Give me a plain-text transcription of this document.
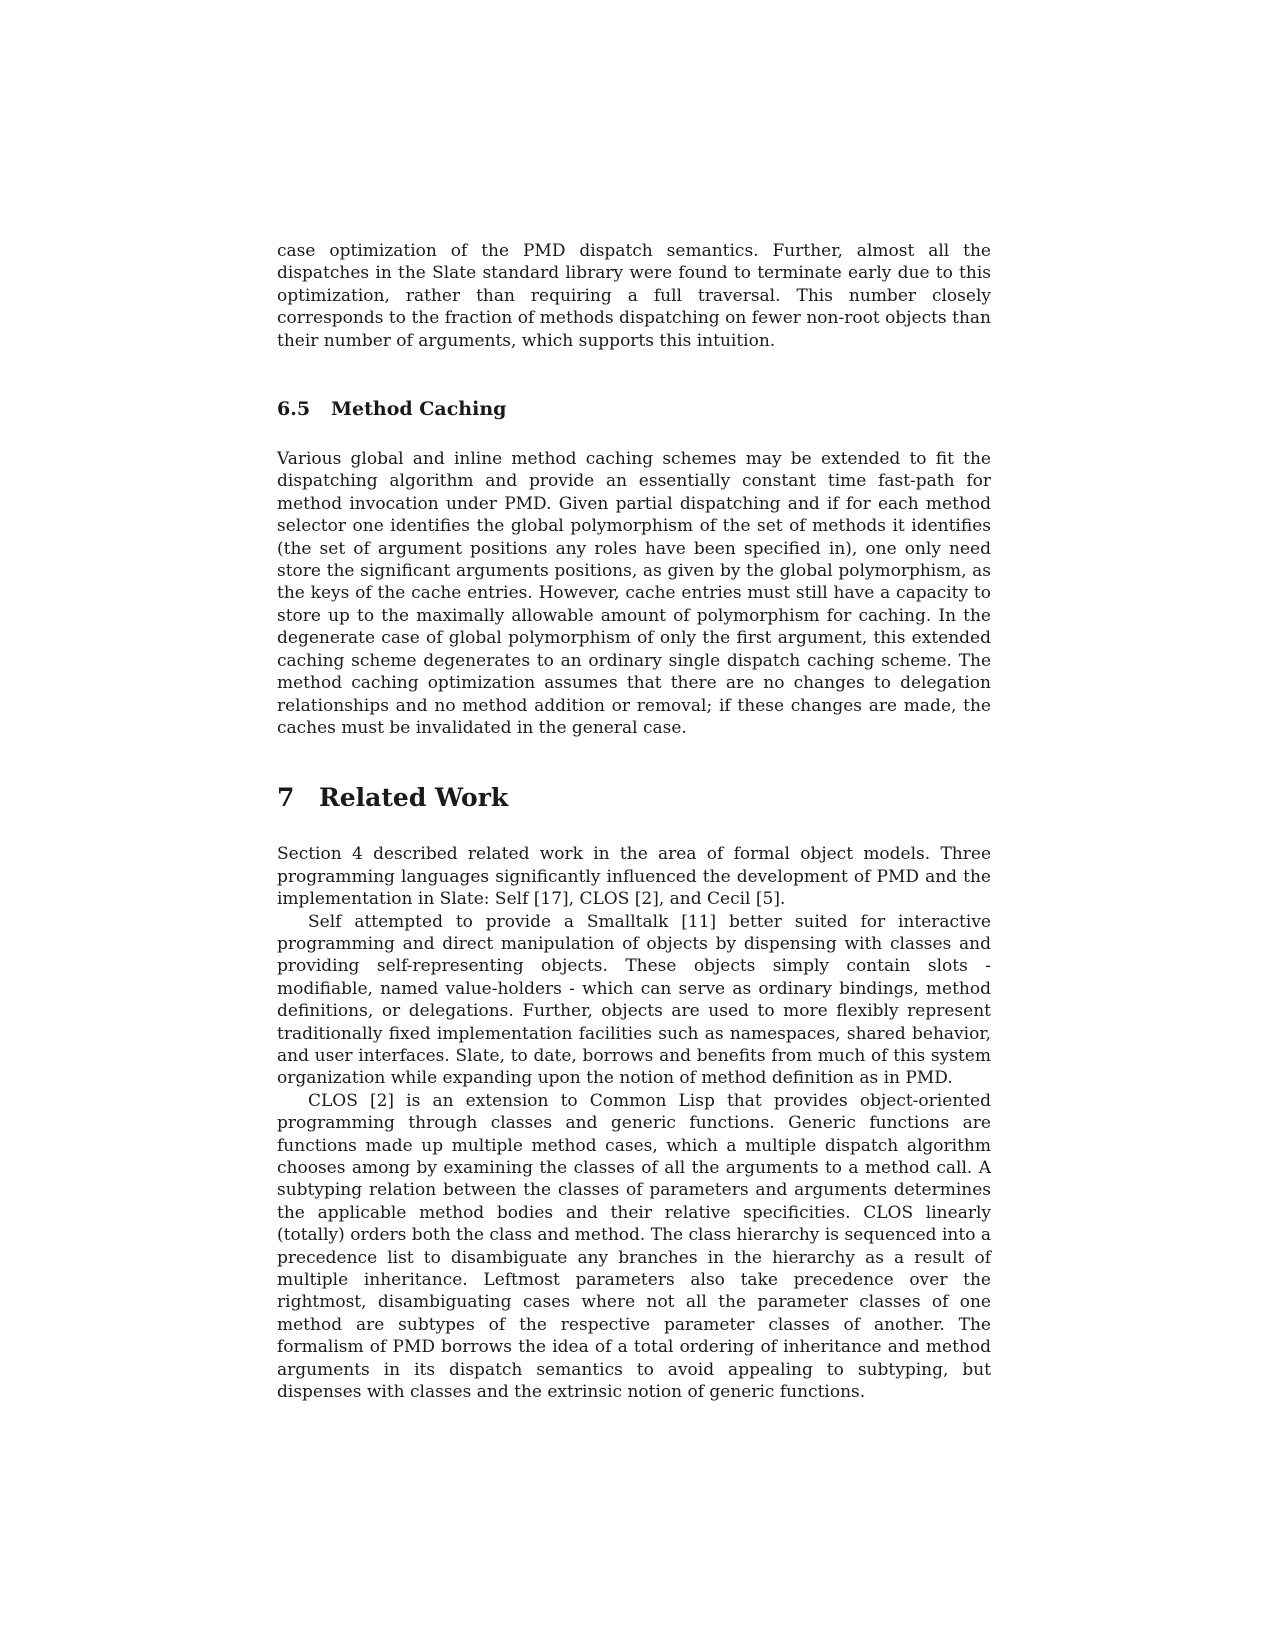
case optimization of the PMD dispatch semantics. Further, almost all the dispatches in the Slate standard library were found to terminate early due to this optimization, rather than requiring a full traversal. This number closely corresponds to the fraction of methods dispatching on fewer non-root objects than their number of arguments, which supports this intuition.

6.5 Method Caching

Various global and inline method caching schemes may be extended to fit the dispatching algorithm and provide an essentially constant time fast-path for method invocation under PMD. Given partial dispatching and if for each method selector one identifies the global polymorphism of the set of methods it identifies (the set of argument positions any roles have been specified in), one only need store the significant arguments positions, as given by the global polymorphism, as the keys of the cache entries. However, cache entries must still have a capacity to store up to the maximally allowable amount of polymorphism for caching. In the degenerate case of global polymorphism of only the first argument, this extended caching scheme degenerates to an ordinary single dispatch caching scheme. The method caching optimization assumes that there are no changes to delegation relationships and no method addition or removal; if these changes are made, the caches must be invalidated in the general case.

7 Related Work

Section 4 described related work in the area of formal object models. Three programming languages significantly influenced the development of PMD and the implementation in Slate: Self [17], CLOS [2], and Cecil [5].

Self attempted to provide a Smalltalk [11] better suited for interactive programming and direct manipulation of objects by dispensing with classes and providing self-representing objects. These objects simply contain slots - modifiable, named value-holders - which can serve as ordinary bindings, method definitions, or delegations. Further, objects are used to more flexibly represent traditionally fixed implementation facilities such as namespaces, shared behavior, and user interfaces. Slate, to date, borrows and benefits from much of this system organization while expanding upon the notion of method definition as in PMD.

CLOS [2] is an extension to Common Lisp that provides object-oriented programming through classes and generic functions. Generic functions are functions made up multiple method cases, which a multiple dispatch algorithm chooses among by examining the classes of all the arguments to a method call. A subtyping relation between the classes of parameters and arguments determines the applicable method bodies and their relative specificities. CLOS linearly (totally) orders both the class and method. The class hierarchy is sequenced into a precedence list to disambiguate any branches in the hierarchy as a result of multiple inheritance. Leftmost parameters also take precedence over the rightmost, disambiguating cases where not all the parameter classes of one method are subtypes of the respective parameter classes of another. The formalism of PMD borrows the idea of a total ordering of inheritance and method arguments in its dispatch semantics to avoid appealing to subtyping, but dispenses with classes and the extrinsic notion of generic functions.
